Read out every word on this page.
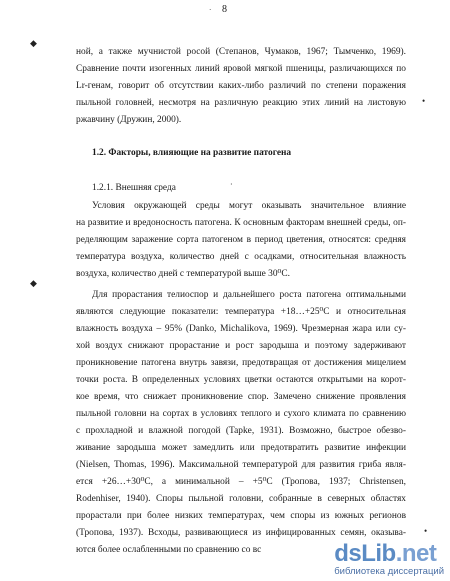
· 8
◆
•
◆
•
ной, а также мучнистой росой (Степанов, Чумаков, 1967; Тымченко, 1969).
Сравнение почти изогенных линий яровой мягкой пшеницы, различающихся по
Lr-генам, говорит об отсутствии каких-либо различий по степени поражения
пыльной головней, несмотря на различную реакцию этих линий на листовую
ржавчину (Дружин, 2000).
1.2. Факторы, влияющие на развитие патогена
1.2.1. Внешняя среда	·
Условия окружающей среды могут оказывать значительное влияние
на развитие и вредоносность патогена. К основным факторам внешней среды, оп-
ределяющим заражение сорта патогеном в период цветения, относятся: средняя
температура воздуха, количество дней с осадками, относительная влажность
воздуха, количество дней с температурой выше 30⁰С.
Для прорастания телиоспор и дальнейшего роста патогена оптимальными
являются следующие показатели: температура +18…+25⁰С и относительная
влажность воздуха – 95% (Danko, Michalikova, 1969). Чрезмерная жара или су-
хой воздух снижают прорастание и рост зародыша и поэтому задерживают
проникновение патогена внутрь завязи, предотвращая от достижения мицелием
точки роста. В определенных условиях цветки остаются открытыми на корот-
кое время, что снижает проникновение спор. Замечено снижение проявления
пыльной головни на сортах в условиях теплого и сухого климата по сравнению
с прохладной и влажной погодой (Tapke, 1931). Возможно, быстрое обезво-
живание зародыша может замедлить или предотвратить развитие инфекции
(Nielsen, Thomas, 1996). Максимальной температурой для развития гриба явля-
ется +26…+30⁰С, а минимальной – +5⁰С (Тропова, 1937; Christensen,
Rodenhiser, 1940). Споры пыльной головни, собранные в северных областях
прорастали при более низких температурах, чем споры из южных регионов
(Тропова, 1937). Всходы, развивающиеся из инфицированных семян, оказыва-
ются более ослабленными по сравнению со вс	dsLib.net
библиотека диссертаций
